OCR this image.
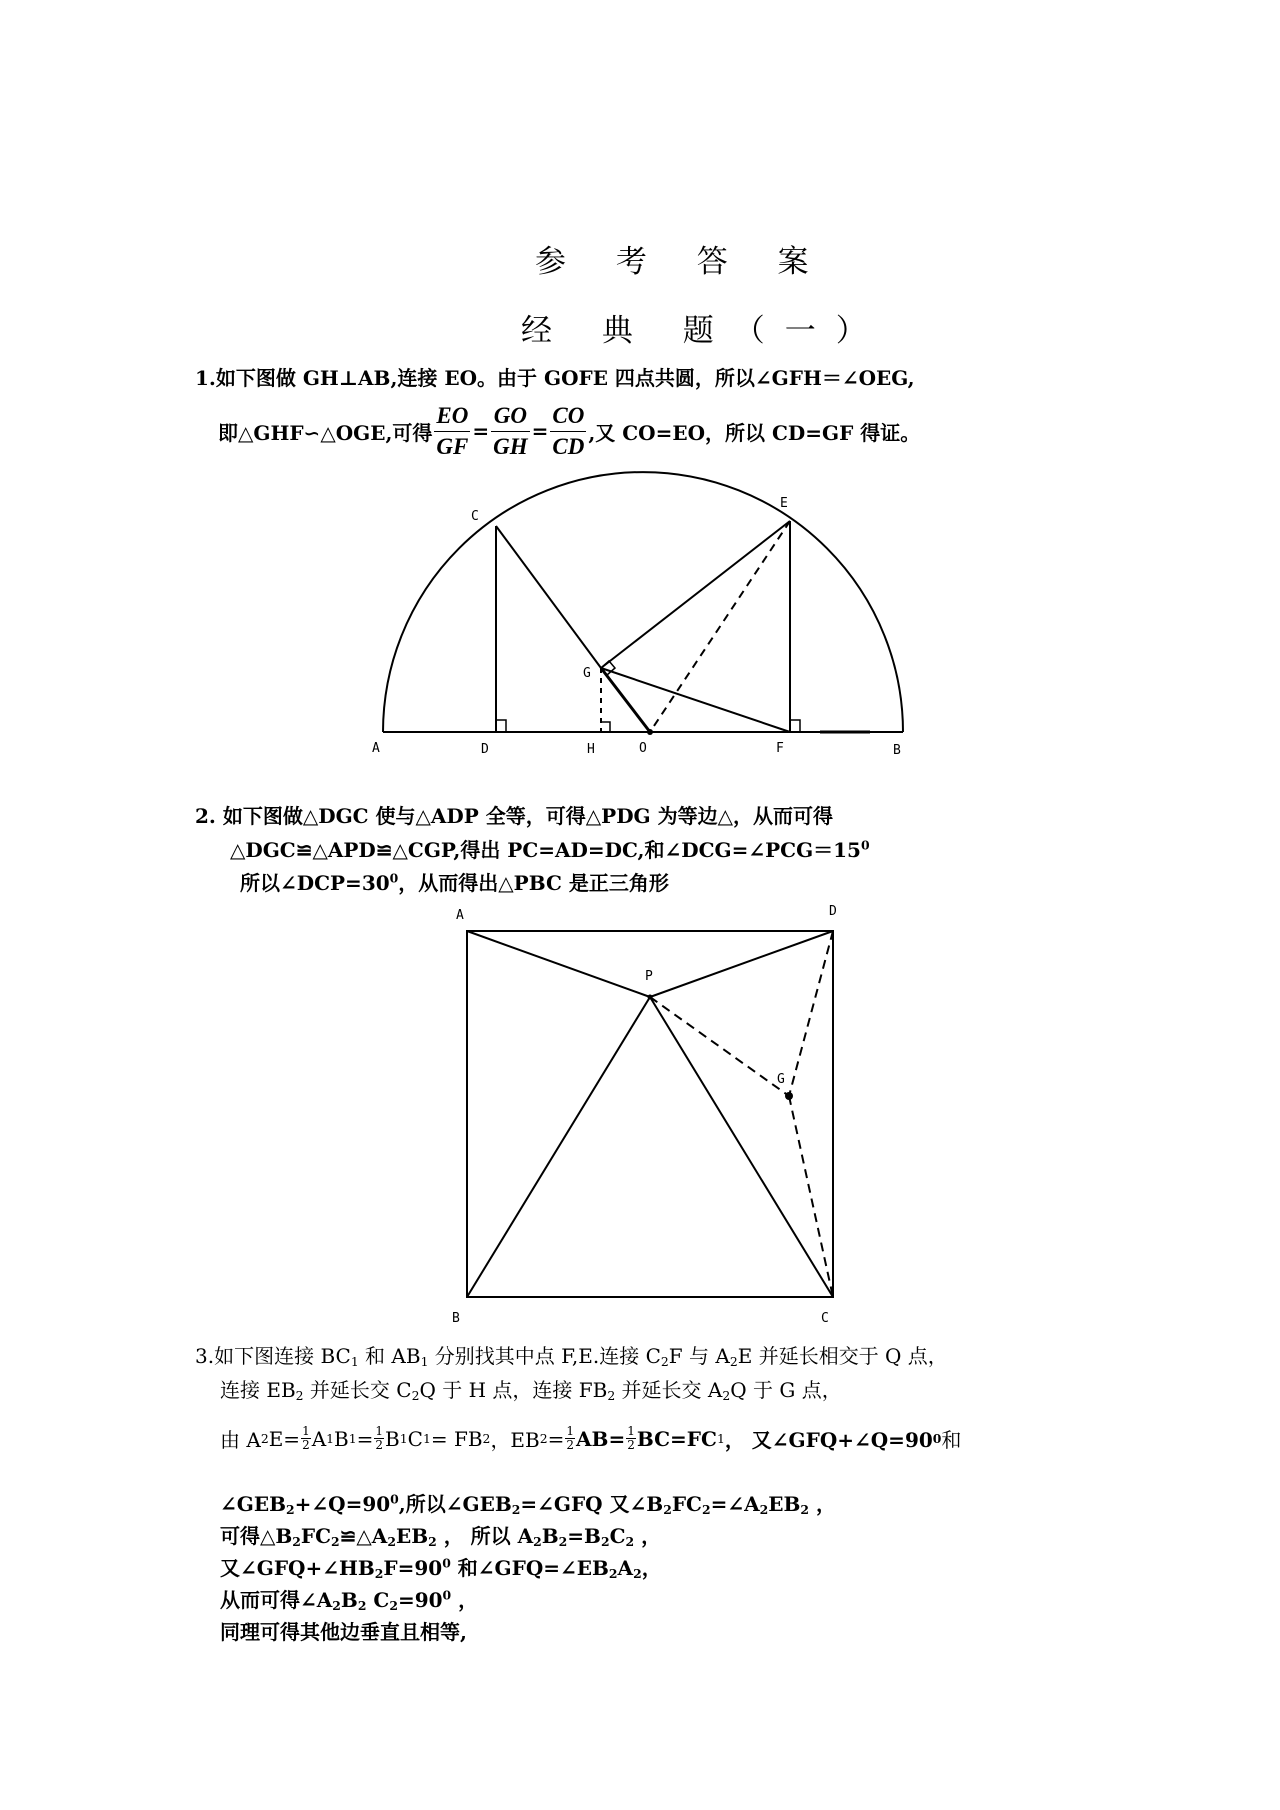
参 考 答 案
经 典 题（一）
1.如下图做 GH⊥AB,连接 EO。由于 GOFE 四点共圆，所以∠GFH＝∠OEG,
即△GHF∽△OGE,可得 $\frac{EO}{GF} = \frac{GO}{GH} = \frac{CO}{CD}$ ,又 CO=EO，所以 CD=GF 得证。
A	D	H	O	F	B
C
E
G
2. 如下图做△DGC 使与△ADP 全等，可得△PDG 为等边△，从而可得
△DGC≌△APD≌△CGP,得出 PC=AD=DC,和$\angle DCG=\angle PCG=15^0$
所以$\angle DCP=30^0$，从而得出△PBC 是正三角形
A	D
P
G
B	C
3.如下图连接 $BC_1$ 和 $AB_1$ 分别找其中点 F,E.连接 $C_2F$ 与 $A_2E$ 并延长相交于 Q 点，
连接 $EB_2$ 并延长交 $C_2Q$ 于 H 点，连接 $FB_2$ 并延长交 $A_2Q$ 于 G 点，
由 A 2 $E= \frac{1}{2}$ A 1 B $1 = \frac{1}{2}$ B 1 C 1 = FB 2 ，EB $2 = \frac{1}{2} AB= \frac{1}{2} BC=FC$ 1 ， 又∠GFQ+∠Q=90 0 和
$\angle GEB_2+\angle Q=90^0$,所以$\angle GEB_2=\angle GFQ$ 又$\angle B_2FC_2=\angle A_2EB_2$ ，
可得$\triangle B_2FC_2≌\triangle A_2EB_2$ ， 所以 $A_2B_2=B_2C_2$ ，
又$\angle GFQ+\angle HB_2F=90^0$ 和$\angle GFQ=\angle EB_2A_2$，
从而可得$\angle A_2B_2$ $C_2=90^0$ ，
同理可得其他边垂直且相等,
